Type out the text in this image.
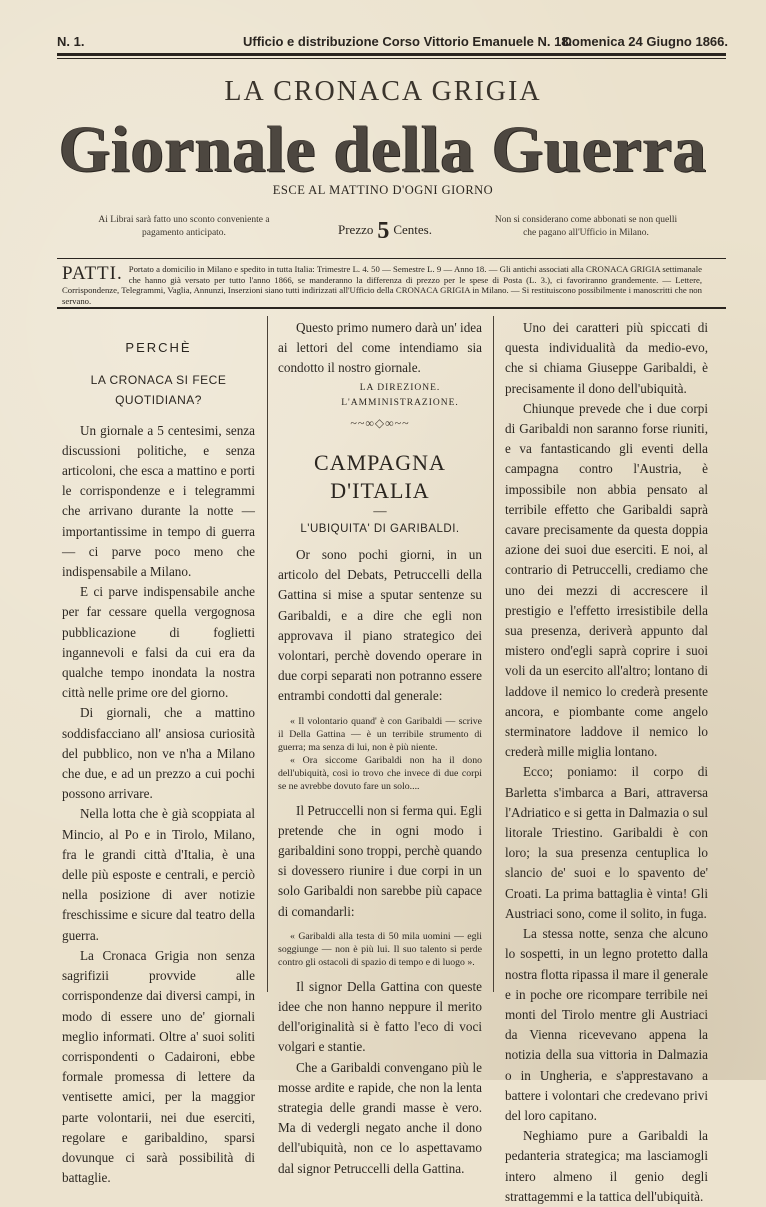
N. 1.	Ufficio e distribuzione Corso Vittorio Emanuele N. 18.
Domenica 24 Giugno 1866.
LA CRONACA GRIGIA
Giornale della Guerra
ESCE AL MATTINO D'OGNI GIORNO
Ai Librai sarà fatto uno sconto conveniente a pagamento anticipato.	Prezzo 5 Centes.
Non si considerano come abbonati se non quelli che pagano all'Ufficio in Milano.
PATTI. Portato a domicilio in Milano e spedito in tutta Italia: Trimestre L. 4. 50 — Semestre L. 9 — Anno 18. — Gli antichi associati alla CRONACA GRIGIA settimanale che hanno già versato per tutto l'anno 1866, se manderanno la differenza di prezzo per le spese di Posta (L. 3.), ci favoriranno grandemente. — Lettere, Corrispondenze, Telegrammi, Vaglia, Annunzi, Inserzioni siano tutti indirizzati all'Ufficio della CRONACA GRIGIA in Milano. — Si restituiscono possibilmente i manoscritti che non servano.
PERCHÈ
LA CRONACA SI FECE QUOTIDIANA?

Un giornale a 5 centesimi, senza discussioni politiche, e senza articoloni, che esca a mattino e porti le corrispondenze e i telegrammi che arrivano durante la notte — importantissime in tempo di guerra — ci parve poco meno che indispensabile a Milano.

E ci parve indispensabile anche per far cessare quella vergognosa pubblicazione di foglietti ingannevoli e falsi da cui era da qualche tempo inondata la nostra città nelle prime ore del giorno.

Di giornali, che a mattino soddisfacciano all' ansiosa curiosità del pubblico, non ve n'ha a Milano che due, e ad un prezzo a cui pochi possono arrivare.

Nella lotta che è già scoppiata al Mincio, al Po e in Tirolo, Milano, fra le grandi città d'Italia, è una delle più esposte e centrali, e perciò nella posizione di aver notizie freschissime e sicure dal teatro della guerra.

La Cronaca Grigia non senza sagrifizii provvide alle corrispondenze dai diversi campi, in modo di essere uno de' giornali meglio informati. Oltre a' suoi soliti corrispondenti o Cadaironi, ebbe formale promessa di lettere da ventisette amici, per la maggior parte volontarii, nei due eserciti, regolare e garibaldino, sparsi dovunque ci sarà possibilità di battaglie.

Questo primo numero darà un' idea ai lettori del come intendiamo sia condotto il nostro giornale.

LA DIREZIONE.
L'AMMINISTRAZIONE.
~~∞◇∞~~
CAMPAGNA D'ITALIA
—
L'UBIQUITA' DI GARIBALDI.

Or sono pochi giorni, in un articolo del Debats, Petruccelli della Gattina si mise a sputar sentenze su Garibaldi, e a dire che egli non approvava il piano strategico dei volontari, perchè dovendo operare in due corpi separati non potranno essere entrambi condotti dal generale:

« Il volontario quand' è con Garibaldi — scrive il Della Gattina — è un terribile strumento di guerra; ma senza di lui, non è più niente.

« Ora siccome Garibaldi non ha il dono dell'ubiquità, così io trovo che invece di due corpi se ne avrebbe dovuto fare un solo....

Il Petruccelli non si ferma qui. Egli pretende che in ogni modo i garibaldini sono troppi, perchè quando si dovessero riunire i due corpi in un solo Garibaldi non sarebbe più capace di comandarli:

« Garibaldi alla testa di 50 mila uomini — egli soggiunge — non è più lui. Il suo talento si perde contro gli ostacoli di spazio di tempo e di luogo ».

Il signor Della Gattina con queste idee che non hanno neppure il merito dell'originalità si è fatto l'eco di voci volgari e stantie.

Che a Garibaldi convengano più le mosse ardite e rapide, che non la lenta strategia delle grandi masse è vero. Ma di vedergli negato anche il dono dell'ubiquità, non ce lo aspettavamo dal signor Petruccelli della Gattina.

Uno dei caratteri più spiccati di questa individualità da medio-evo, che si chiama Giuseppe Garibaldi, è precisamente il dono dell'ubiquità.

Chiunque prevede che i due corpi di Garibaldi non saranno forse riuniti, e va fantasticando gli eventi della campagna contro l'Austria, è impossibile non abbia pensato al terribile effetto che Garibaldi saprà cavare precisamente da questa doppia azione dei suoi due eserciti. E noi, al contrario di Petruccelli, crediamo che uno dei mezzi di accrescere il prestigio e l'effetto irresistibile della sua presenza, deriverà appunto dal mistero ond'egli saprà coprire i suoi voli da un esercito all'altro; lontano di laddove il nemico lo crederà presente ancora, e piombante come angelo sterminatore laddove il nemico lo crederà mille miglia lontano.

Ecco; poniamo: il corpo di Barletta s'imbarca a Bari, attraversa l'Adriatico e si getta in Dalmazia o sul litorale Triestino. Garibaldi è con loro; la sua presenza centuplica lo slancio de' suoi e lo spavento de' Croati. La prima battaglia è vinta! Gli Austriaci sono, come il solito, in fuga.

La stessa notte, senza che alcuno lo sospetti, in un legno protetto dalla nostra flotta ripassa il mare il generale e in poche ore ricompare terribile nei monti del Tirolo mentre gli Austriaci da Vienna ricevevano appena la notizia della sua vittoria in Dalmazia o in Ungheria, e s'apprestavano a battere i volontari che credevano privi del loro capitano.

Neghiamo pure a Garibaldi la pedanteria strategica; ma lasciamogli intero almeno il genio degli strattagemmi e la tattica dell'ubiquità.
